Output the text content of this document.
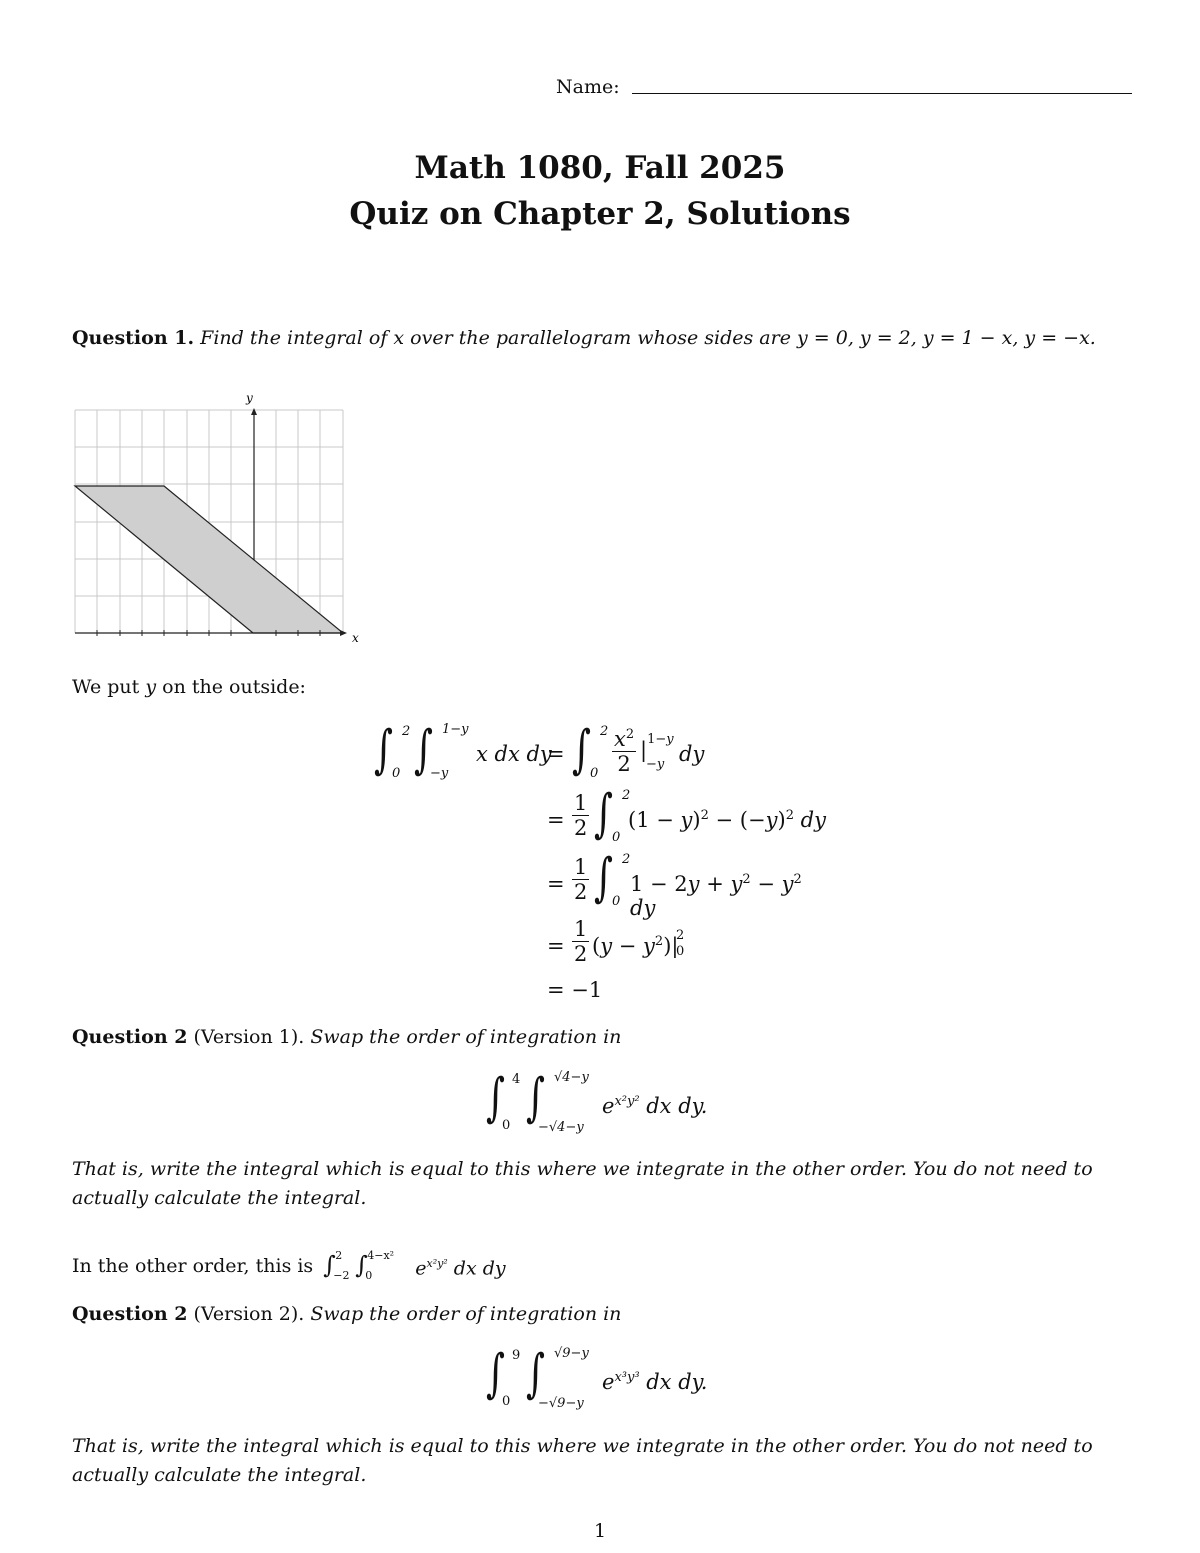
Name:
Math 1080, Fall 2025
Quiz on Chapter 2, Solutions
Question 1. Find the integral of x over the parallelogram whose sides are y = 0, y = 2, y = 1 − x, y = −x.
x
y
We put y on the outside:
∫ 2
0 ∫ 1−y
−y
x dx dy
= ∫ 2
$0 \frac{x^2}{2} |^{1-y}$
−y dy
= $\frac{1}{2}$ ∫ 2
0
$(1 - y)^2 - (-y)^2$ dy
= $\frac{1}{2}$ ∫ 2
0
$1 - 2y + y^2 - y^2$ dy
= $\frac{1}{2} (y - y^2)|$
2
0
= −1
Question 2 (Version 1). Swap the order of integration in
∫ 4
0 ∫ √4−y
−√4−y
$e^{x^2y^2}$ dx dy.
That is, write the integral which is equal to this where we integrate in the other order. You do not need to
actually calculate the integral.
In the other order, this is ∫ 2
−2 ∫ 4−x²
0 $e^{x^2y^2}$ dx dy
Question 2 (Version 2). Swap the order of integration in
∫ 9
0 ∫ √9−y
−√9−y
$e^{x^3y^3}$ dx dy.
That is, write the integral which is equal to this where we integrate in the other order. You do not need to
actually calculate the integral.
1
